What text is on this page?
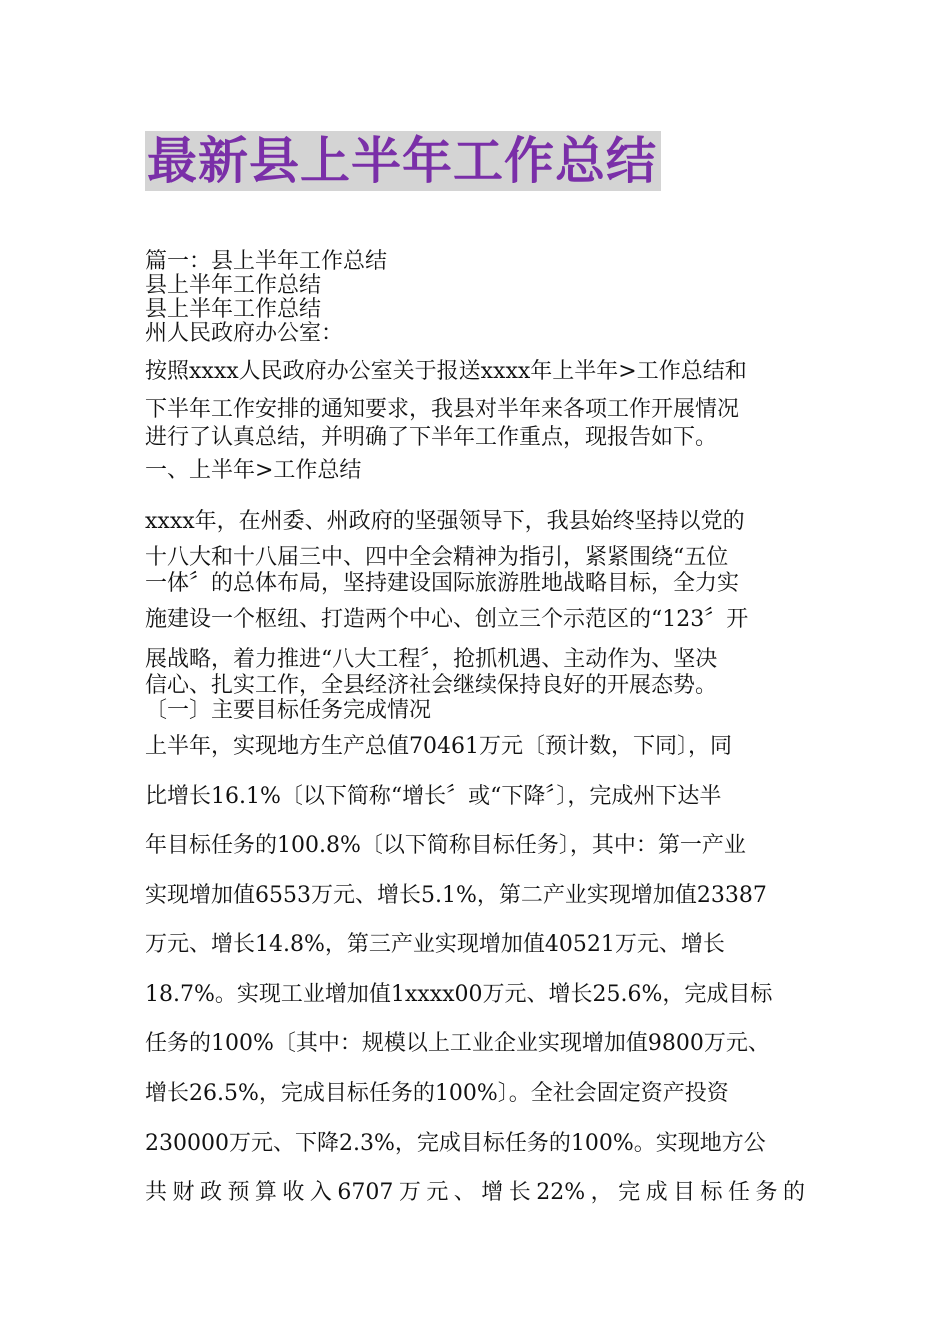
最新县上半年工作总结
篇一：县上半年工作总结
县上半年工作总结
县上半年工作总结
州人民政府办公室：
按照xxxx人民政府办公室关于报送xxxx年上半年>工作总结和
下半年工作安排的通知要求，我县对半年来各项工作开展情况
进行了认真总结，并明确了下半年工作重点，现报告如下。
一、上半年>工作总结
xxxx年，在州委、州政府的坚强领导下，我县始终坚持以党的
十八大和十八届三中、四中全会精神为指引，紧紧围绕“五位
一体〞的总体布局，坚持建设国际旅游胜地战略目标，全力实
施建设一个枢纽、打造两个中心、创立三个示范区的“123〞开
展战略，着力推进“八大工程〞，抢抓机遇、主动作为、坚决
信心、扎实工作，全县经济社会继续保持良好的开展态势。
〔一〕主要目标任务完成情况
上半年，实现地方生产总值70461万元〔预计数，下同〕，同
比增长16.1%〔以下简称“增长〞或“下降〞〕，完成州下达半
年目标任务的100.8%〔以下简称目标任务〕，其中：第一产业
实现增加值6553万元、增长5.1%，第二产业实现增加值23387
万元、增长14.8%，第三产业实现增加值40521万元、增长
18.7%。实现工业增加值1xxxx00万元、增长25.6%，完成目标
任务的100%〔其中：规模以上工业企业实现增加值9800万元、
增长26.5%，完成目标任务的100%〕。全社会固定资产投资
230000万元、下降2.3%，完成目标任务的100%。实现地方公
共财政预算收入6707万元、增长22%，完成目标任务的
